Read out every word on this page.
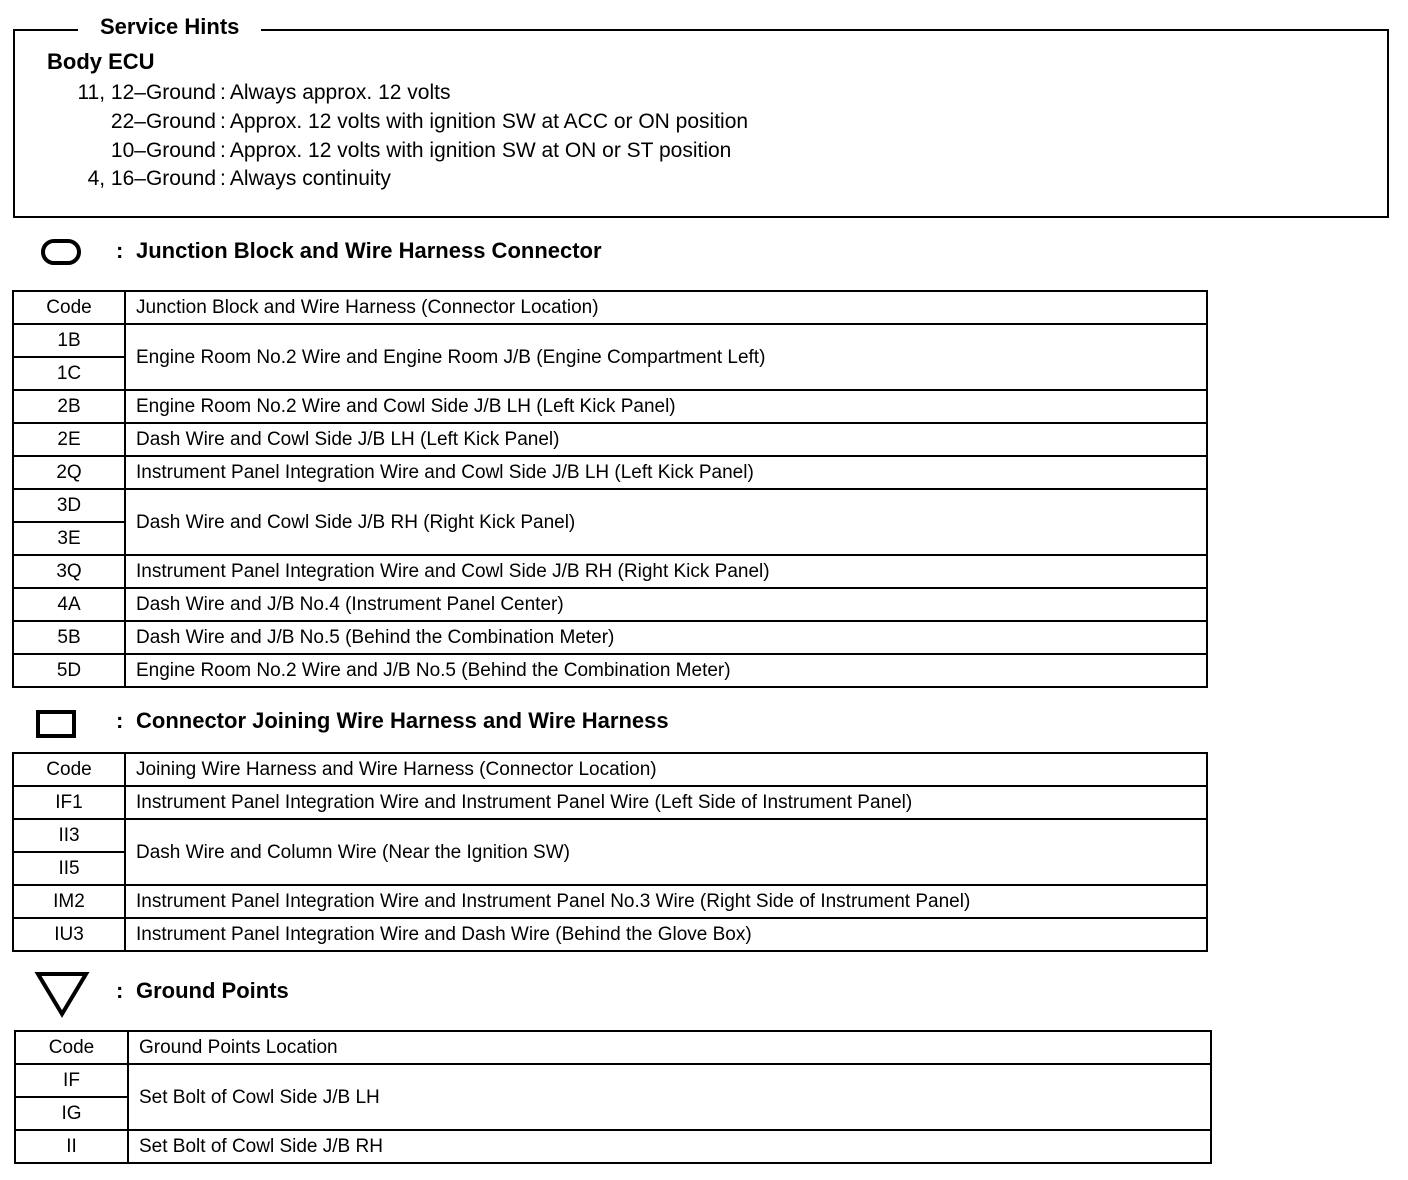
Service Hints
Body ECU
11, 12–Ground : Always approx. 12 volts
22–Ground : Approx. 12 volts with ignition SW at ACC or ON position
10–Ground : Approx. 12 volts with ignition SW at ON or ST position
4, 16–Ground : Always continuity
: Junction Block and Wire Harness Connector
Code	Junction Block and Wire Harness (Connector Location)
1B	Engine Room No.2 Wire and Engine Room J/B (Engine Compartment Left)
1C	
2B	Engine Room No.2 Wire and Cowl Side J/B LH (Left Kick Panel)
2E	Dash Wire and Cowl Side J/B LH (Left Kick Panel)
2Q	Instrument Panel Integration Wire and Cowl Side J/B LH (Left Kick Panel)
3D	Dash Wire and Cowl Side J/B RH (Right Kick Panel)
3E	
3Q	Instrument Panel Integration Wire and Cowl Side J/B RH (Right Kick Panel)
4A	Dash Wire and J/B No.4 (Instrument Panel Center)
5B	Dash Wire and J/B No.5 (Behind the Combination Meter)
5D	Engine Room No.2 Wire and J/B No.5 (Behind the Combination Meter)
: Connector Joining Wire Harness and Wire Harness
Code	Joining Wire Harness and Wire Harness (Connector Location)
IF1	Instrument Panel Integration Wire and Instrument Panel Wire (Left Side of Instrument Panel)
II3	Dash Wire and Column Wire (Near the Ignition SW)
II5	
IM2	Instrument Panel Integration Wire and Instrument Panel No.3 Wire (Right Side of Instrument Panel)
IU3	Instrument Panel Integration Wire and Dash Wire (Behind the Glove Box)
: Ground Points
Code	Ground Points Location
IF	Set Bolt of Cowl Side J/B LH
IG	
II	Set Bolt of Cowl Side J/B RH
